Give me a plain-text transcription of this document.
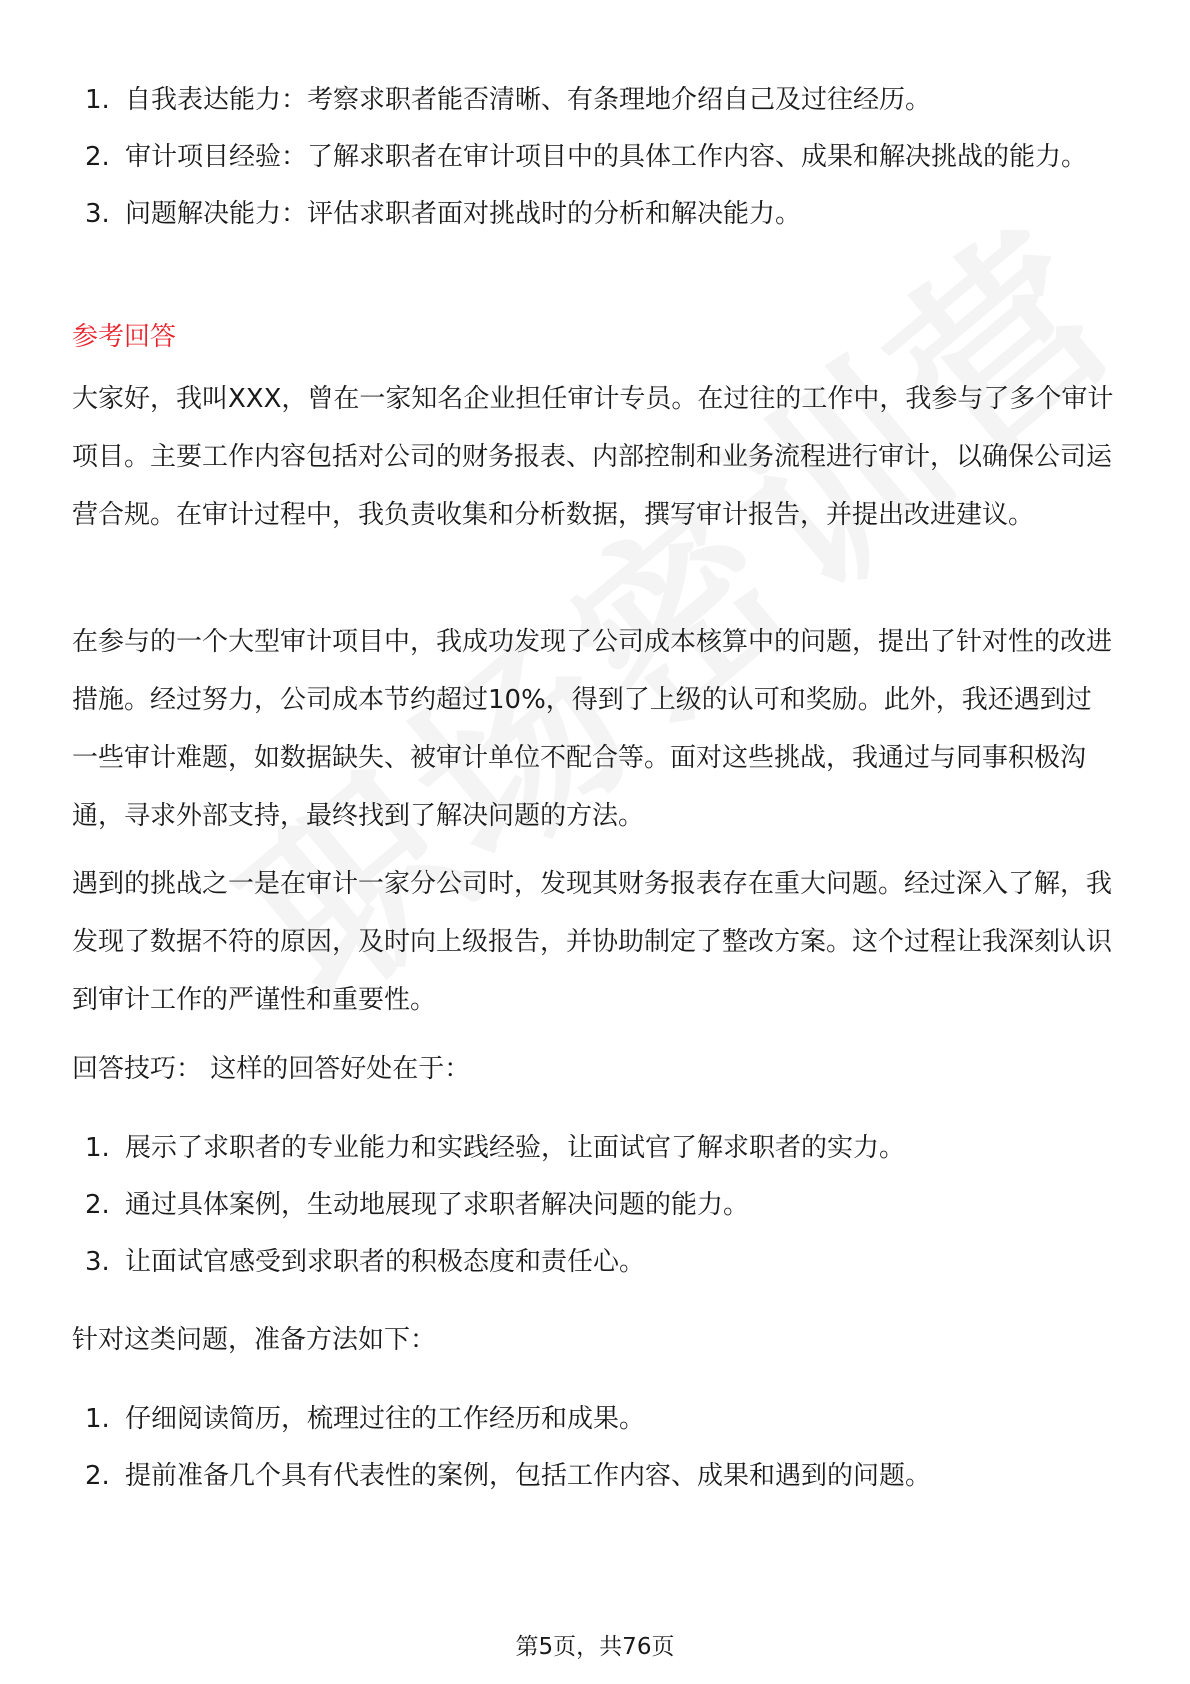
1. 自我表达能力：考察求职者能否清晰、有条理地介绍自己及过往经历。
2. 审计项目经验：了解求职者在审计项目中的具体工作内容、成果和解决挑战的能力。
3. 问题解决能力：评估求职者面对挑战时的分析和解决能力。
参考回答

大家好，我叫XXX，曾在一家知名企业担任审计专员。在过往的工作中，我参与了多个审计项目。主要工作内容包括对公司的财务报表、内部控制和业务流程进行审计，以确保公司运营合规。在审计过程中，我负责收集和分析数据，撰写审计报告，并提出改进建议。

在参与的一个大型审计项目中，我成功发现了公司成本核算中的问题，提出了针对性的改进措施。经过努力，公司成本节约超过10%，得到了上级的认可和奖励。此外，我还遇到过一些审计难题，如数据缺失、被审计单位不配合等。面对这些挑战，我通过与同事积极沟通，寻求外部支持，最终找到了解决问题的方法。

遇到的挑战之一是在审计一家分公司时，发现其财务报表存在重大问题。经过深入了解，我发现了数据不符的原因，及时向上级报告，并协助制定了整改方案。这个过程让我深刻认识到审计工作的严谨性和重要性。

回答技巧： 这样的回答好处在于：

1. 展示了求职者的专业能力和实践经验，让面试官了解求职者的实力。
2. 通过具体案例，生动地展现了求职者解决问题的能力。
3. 让面试官感受到求职者的积极态度和责任心。

针对这类问题，准备方法如下：

1. 仔细阅读简历，梳理过往的工作经历和成果。
2. 提前准备几个具有代表性的案例，包括工作内容、成果和遇到的问题。
第5页，共76页
